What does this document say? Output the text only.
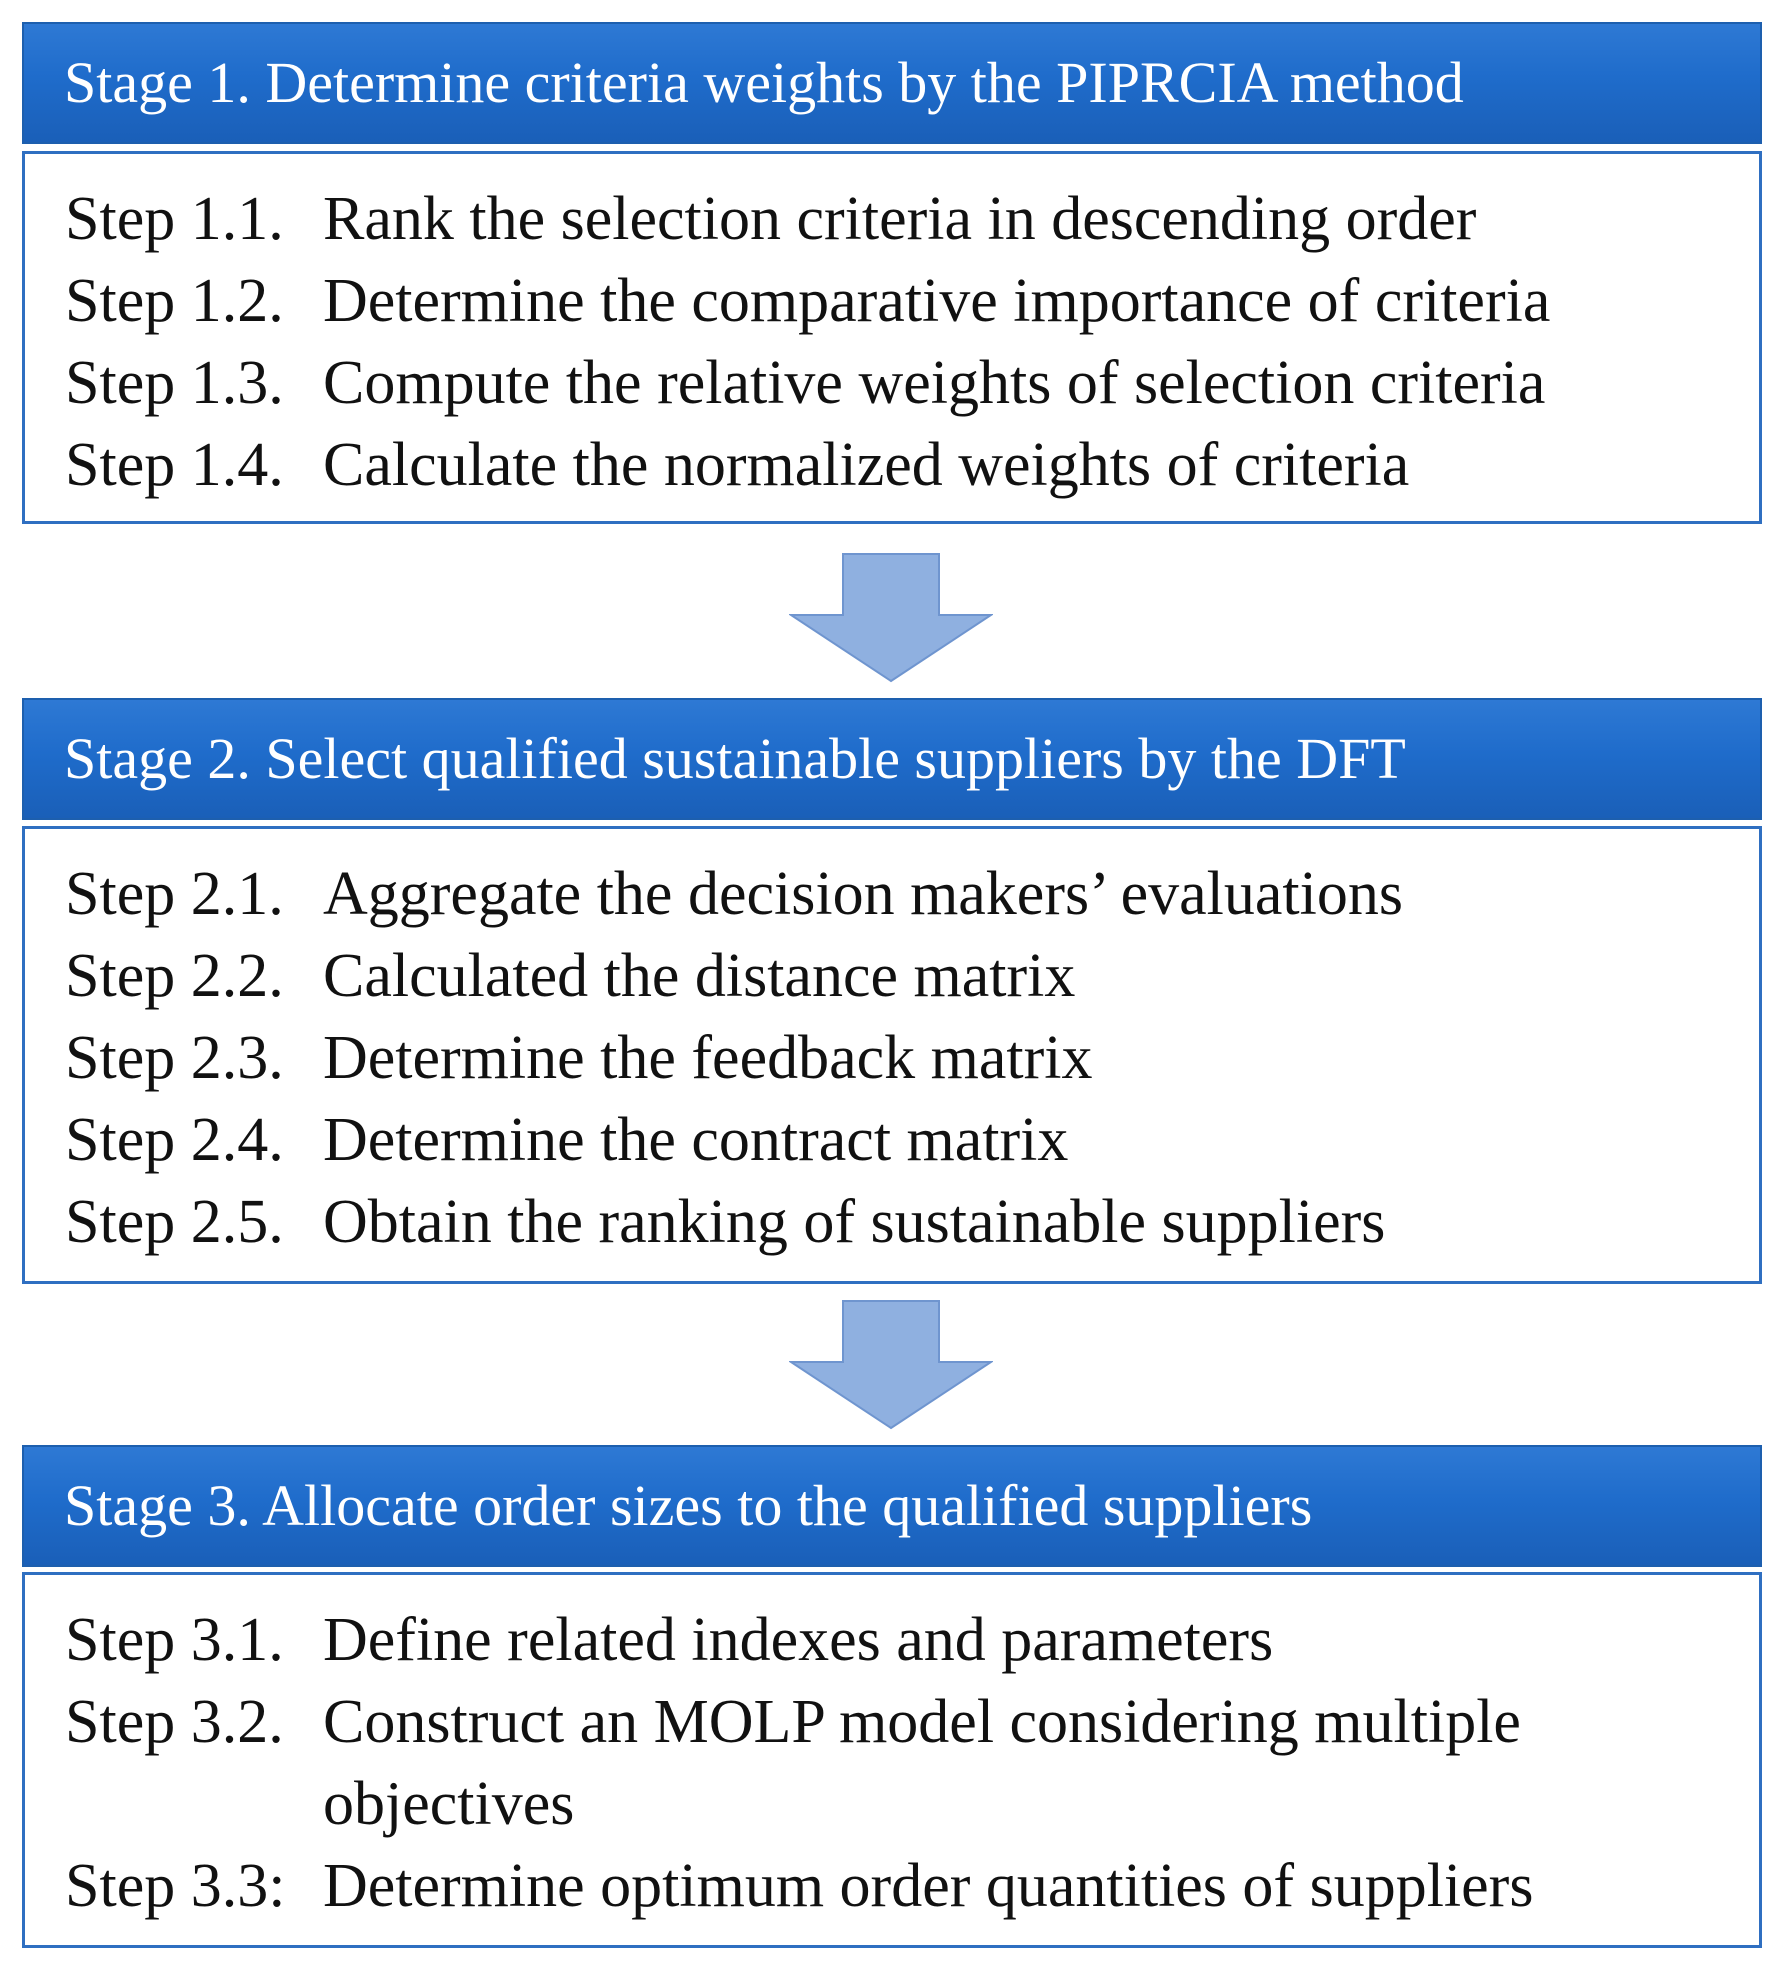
Stage 1. Determine criteria weights by the PIPRCIA method
Step 1.1. Rank the selection criteria in descending order
Step 1.2. Determine the comparative importance of criteria
Step 1.3. Compute the relative weights of selection criteria
Step 1.4. Calculate the normalized weights of criteria
Stage 2. Select qualified sustainable suppliers by the DFT
Step 2.1. Aggregate the decision makers’ evaluations
Step 2.2. Calculated the distance matrix
Step 2.3. Determine the feedback matrix
Step 2.4. Determine the contract matrix
Step 2.5. Obtain the ranking of sustainable suppliers
Stage 3. Allocate order sizes to the qualified suppliers
Step 3.1. Define related indexes and parameters
Step 3.2. Construct an MOLP model considering multiple objectives
Step 3.3: Determine optimum order quantities of suppliers
